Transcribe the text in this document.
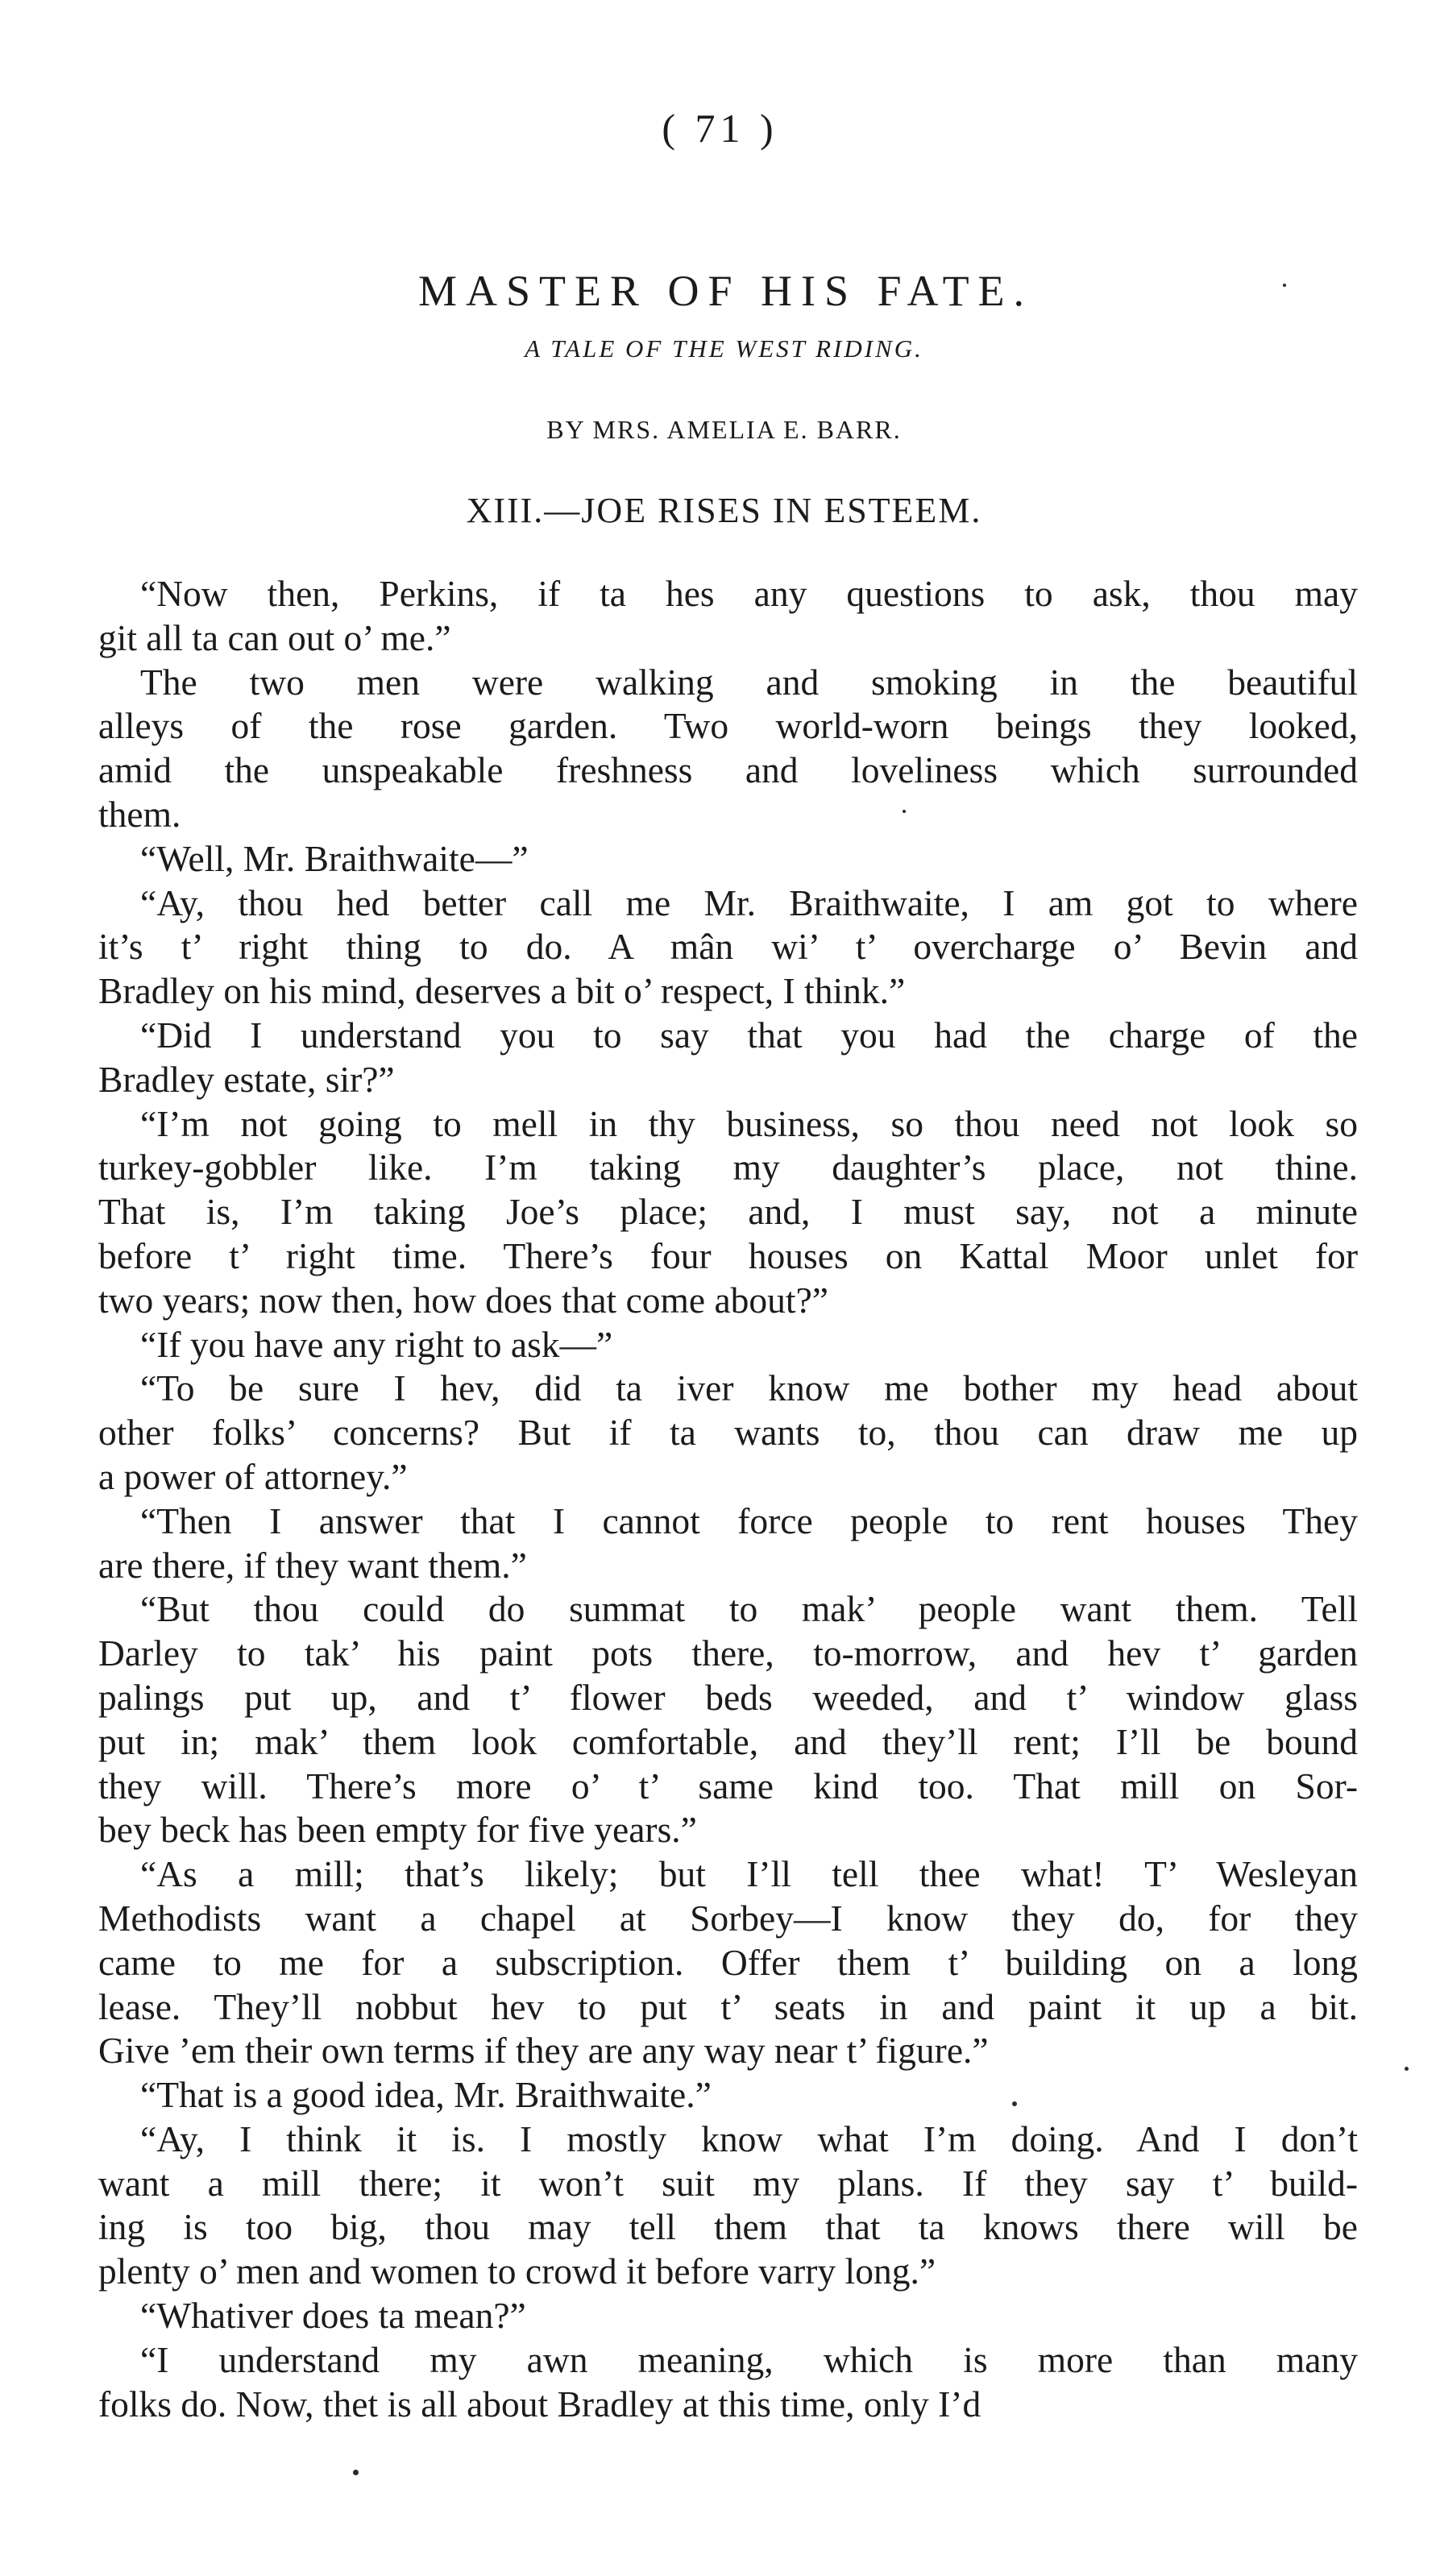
( 71 )
MASTER OF HIS FATE.
A TALE OF THE WEST RIDING.
BY MRS. AMELIA E. BARR.
XIII.—JOE RISES IN ESTEEM.

“Now then, Perkins, if ta hes any questions to ask, thou may
git all ta can out o’ me.”

The two men were walking and smoking in the beautiful
alleys of the rose garden. Two world-worn beings they looked,
amid the unspeakable freshness and loveliness which surrounded
them.

“Well, Mr. Braithwaite—”

“Ay, thou hed better call me Mr. Braithwaite, I am got to where
it’s t’ right thing to do. A mân wi’ t’ overcharge o’ Bevin and
Bradley on his mind, deserves a bit o’ respect, I think.”

“Did I understand you to say that you had the charge of the
Bradley estate, sir?”

“I’m not going to mell in thy business, so thou need not look so
turkey-gobbler like. I’m taking my daughter’s place, not thine.
That is, I’m taking Joe’s place; and, I must say, not a minute
before t’ right time. There’s four houses on Kattal Moor unlet for
two years; now then, how does that come about?”

“If you have any right to ask—”

“To be sure I hev, did ta iver know me bother my head about
other folks’ concerns? But if ta wants to, thou can draw me up
a power of attorney.”

“Then I answer that I cannot force people to rent houses They
are there, if they want them.”

“But thou could do summat to mak’ people want them. Tell
Darley to tak’ his paint pots there, to-morrow, and hev t’ garden
palings put up, and t’ flower beds weeded, and t’ window glass
put in; mak’ them look comfortable, and they’ll rent; I’ll be bound
they will. There’s more o’ t’ same kind too. That mill on Sor-
bey beck has been empty for five years.”

“As a mill; that’s likely; but I’ll tell thee what! T’ Wesleyan
Methodists want a chapel at Sorbey—I know they do, for they
came to me for a subscription. Offer them t’ building on a long
lease. They’ll nobbut hev to put t’ seats in and paint it up a bit.
Give ’em their own terms if they are any way near t’ figure.”

“That is a good idea, Mr. Braithwaite.”

“Ay, I think it is. I mostly know what I’m doing. And I don’t
want a mill there; it won’t suit my plans. If they say t’ build-
ing is too big, thou may tell them that ta knows there will be
plenty o’ men and women to crowd it before varry long.”

“Whativer does ta mean?”

“I understand my awn meaning, which is more than many
folks do. Now, thet is all about Bradley at this time, only I’d
